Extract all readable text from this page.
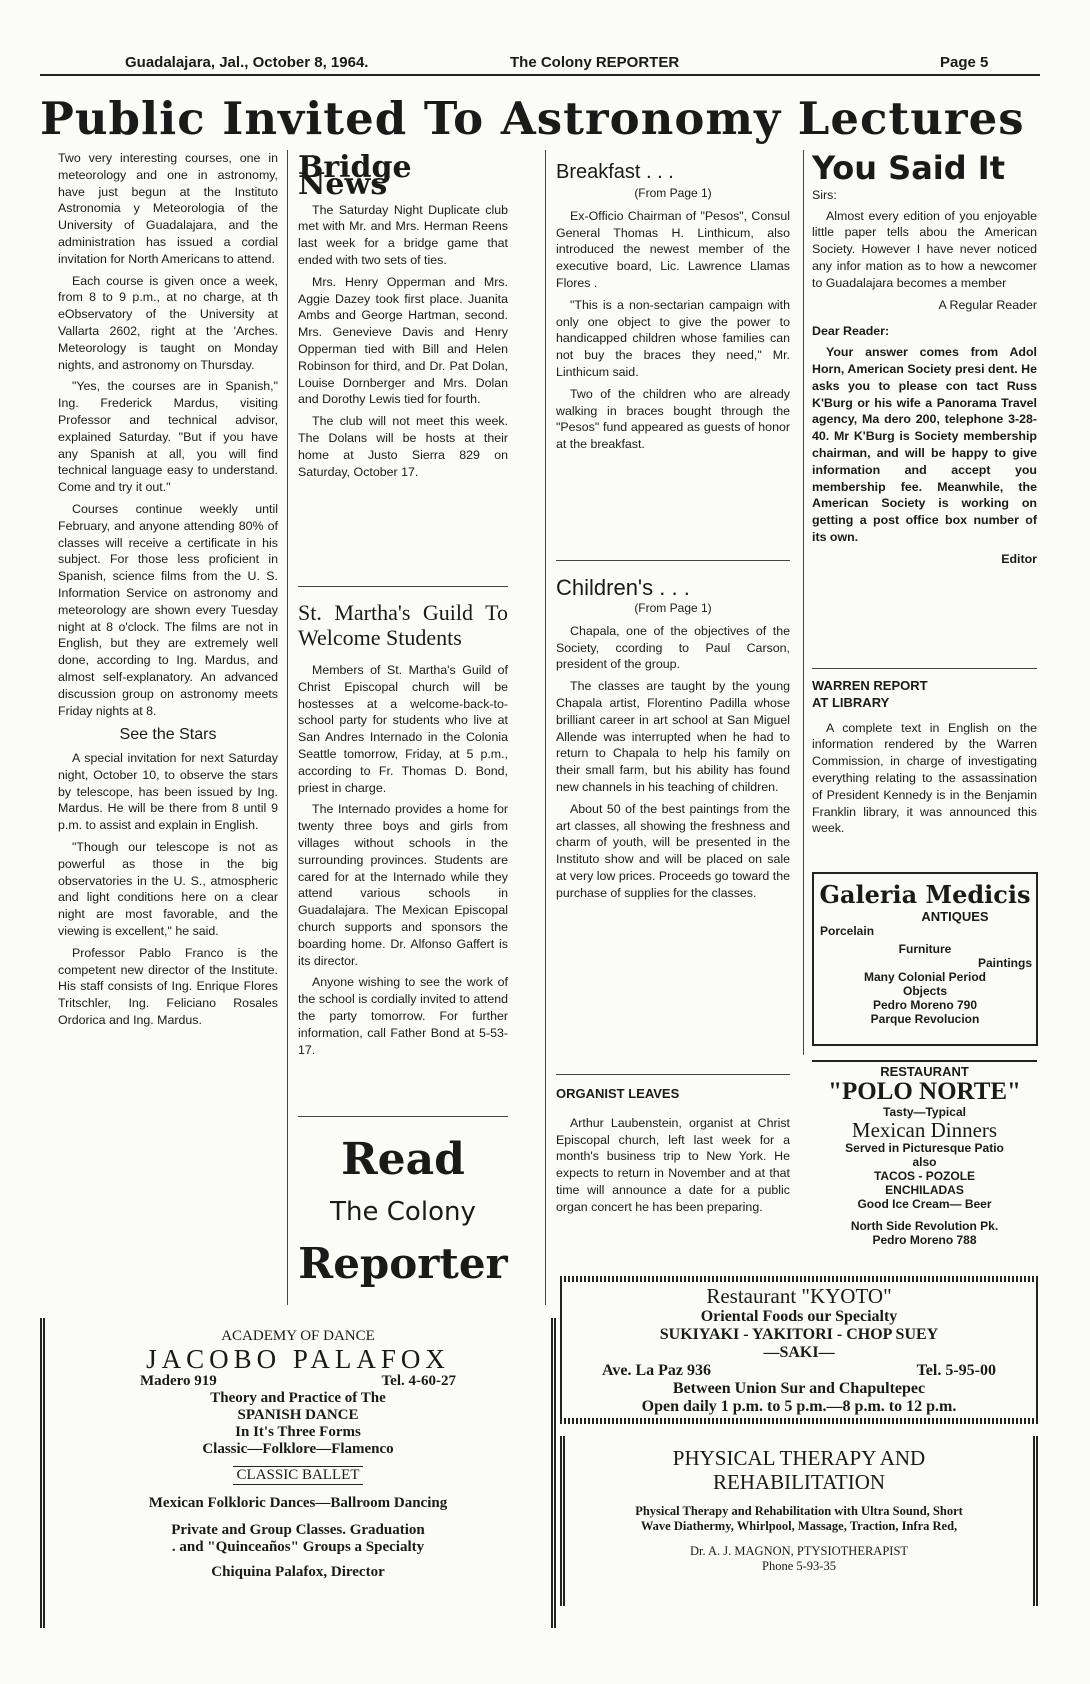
Guadalajara, Jal., October 8, 1964.	The Colony REPORTER	Page 5
Public Invited To Astronomy Lectures

Two very interesting courses, one in meteorology and one in astronomy, have just begun at the Instituto Astronomia y Meteorologia of the University of Guadalajara, and the administration has issued a cordial invitation for North Americans to attend.

Each course is given once a week, from 8 to 9 p.m., at no charge, at th eObservatory of the University at Vallarta 2602, right at the 'Arches. Meteorology is taught on Monday nights, and astronomy on Thursday.

"Yes, the courses are in Spanish," Ing. Frederick Mardus, visiting Professor and technical advisor, explained Saturday. "But if you have any Spanish at all, you will find technical language easy to understand. Come and try it out."

Courses continue weekly until February, and anyone attending 80% of classes will receive a certificate in his subject. For those less proficient in Spanish, science films from the U. S. Information Service on astronomy and meteorology are shown every Tuesday night at 8 o'clock. The films are not in English, but they are extremely well done, according to Ing. Mardus, and almost self-explanatory. An advanced discussion group on astronomy meets Friday nights at 8.

See the Stars

A special invitation for next Saturday night, October 10, to observe the stars by telescope, has been issued by Ing. Mardus. He will be there from 8 until 9 p.m. to assist and explain in English.

"Though our telescope is not as powerful as those in the big observatories in the U. S., atmospheric and light conditions here on a clear night are most favorable, and the viewing is excellent," he said.

Professor Pablo Franco is the competent new director of the Institute. His staff consists of Ing. Enrique Flores Tritschler, Ing. Feliciano Rosales Ordorica and Ing. Mardus.

Bridge News

The Saturday Night Duplicate club met with Mr. and Mrs. Herman Reens last week for a bridge game that ended with two sets of ties.

Mrs. Henry Opperman and Mrs. Aggie Dazey took first place. Juanita Ambs and George Hartman, second. Mrs. Genevieve Davis and Henry Opperman tied with Bill and Helen Robinson for third, and Dr. Pat Dolan, Louise Dornberger and Mrs. Dolan and Dorothy Lewis tied for fourth.

The club will not meet this week. The Dolans will be hosts at their home at Justo Sierra 829 on Saturday, October 17.

St. Martha's Guild To Welcome Students

Members of St. Martha's Guild of Christ Episcopal church will be hostesses at a welcome-back-to-school party for students who live at San Andres Internado in the Colonia Seattle tomorrow, Friday, at 5 p.m., according to Fr. Thomas D. Bond, priest in charge.

The Internado provides a home for twenty three boys and girls from villages without schools in the surrounding provinces. Students are cared for at the Internado while they attend various schools in Guadalajara. The Mexican Episcopal church supports and sponsors the boarding home. Dr. Alfonso Gaffert is its director.

Anyone wishing to see the work of the school is cordially invited to attend the party tomorrow. For further information, call Father Bond at 5-53-17.

Read
The Colony
Reporter
Breakfast . . .
(From Page 1)

Ex-Officio Chairman of "Pesos", Consul General Thomas H. Linthicum, also introduced the newest member of the executive board, Lic. Lawrence Llamas Flores .

"This is a non-sectarian campaign with only one object to give the power to handicapped children whose families can not buy the braces they need," Mr. Linthicum said.

Two of the children who are already walking in braces bought through the "Pesos" fund appeared as guests of honor at the breakfast.

Children's . . .
(From Page 1)

Chapala, one of the objectives of the Society, ccording to Paul Carson, president of the group.

The classes are taught by the young Chapala artist, Florentino Padilla whose brilliant career in art school at San Miguel Allende was interrupted when he had to return to Chapala to help his family on their small farm, but his ability has found new channels in his teaching of children.

About 50 of the best paintings from the art classes, all showing the freshness and charm of youth, will be presented in the Instituto show and will be placed on sale at very low prices. Proceeds go toward the purchase of supplies for the classes.

ORGANIST LEAVES

Arthur Laubenstein, organist at Christ Episcopal church, left last week for a month's business trip to New York. He expects to return in November and at that time will announce a date for a public organ concert he has been preparing.

You Said It
Sirs:

Almost every edition of you enjoyable little paper tells abou the American Society. However I have never noticed any infor mation as to how a newcomer to Guadalajara becomes a member

A Regular Reader
Dear Reader:

Your answer comes from Adol Horn, American Society presi dent. He asks you to please con tact Russ K'Burg or his wife a Panorama Travel agency, Ma dero 200, telephone 3-28-40. Mr K'Burg is Society membership chairman, and will be happy to give information and accept you membership fee. Meanwhile, the American Society is working on getting a post office box number of its own.

Editor
WARREN REPORT
AT LIBRARY

A complete text in English on the information rendered by the Warren Commission, in charge of investigating everything relating to the assassination of President Kennedy is in the Benjamin Franklin library, it was announced this week.

Galeria Medicis
ANTIQUES
Porcelain
Furniture
Paintings
Many Colonial Period
Objects
Pedro Moreno 790
Parque Revolucion
RESTAURANT
"POLO NORTE"
Tasty—Typical
Mexican Dinners
Served in Picturesque Patio
also
TACOS - POZOLE
ENCHILADAS
Good Ice Cream— Beer
North Side Revolution Pk.
Pedro Moreno 788
Restaurant "KYOTO"
Oriental Foods our Specialty
SUKIYAKI - YAKITORI - CHOP SUEY
—SAKI—
Ave. La Paz 936	Tel. 5-95-00
Between Union Sur and Chapultepec
Open daily 1 p.m. to 5 p.m.—8 p.m. to 12 p.m.
ACADEMY OF DANCE
JACOBO PALAFOX
Madero 919	Tel. 4-60-27
Theory and Practice of The
SPANISH DANCE
In It's Three Forms
Classic—Folklore—Flamenco
CLASSIC BALLET
Mexican Folkloric Dances—Ballroom Dancing
Private and Group Classes. Graduation
. and "Quinceaños" Groups a Specialty
Chiquina Palafox, Director
PHYSICAL THERAPY AND
REHABILITATION
Physical Therapy and Rehabilitation with Ultra Sound, Short
Wave Diathermy, Whirlpool, Massage, Traction, Infra Red,
Dr. A. J. MAGNON, PTYSIOTHERAPIST
Phone 5-93-35
